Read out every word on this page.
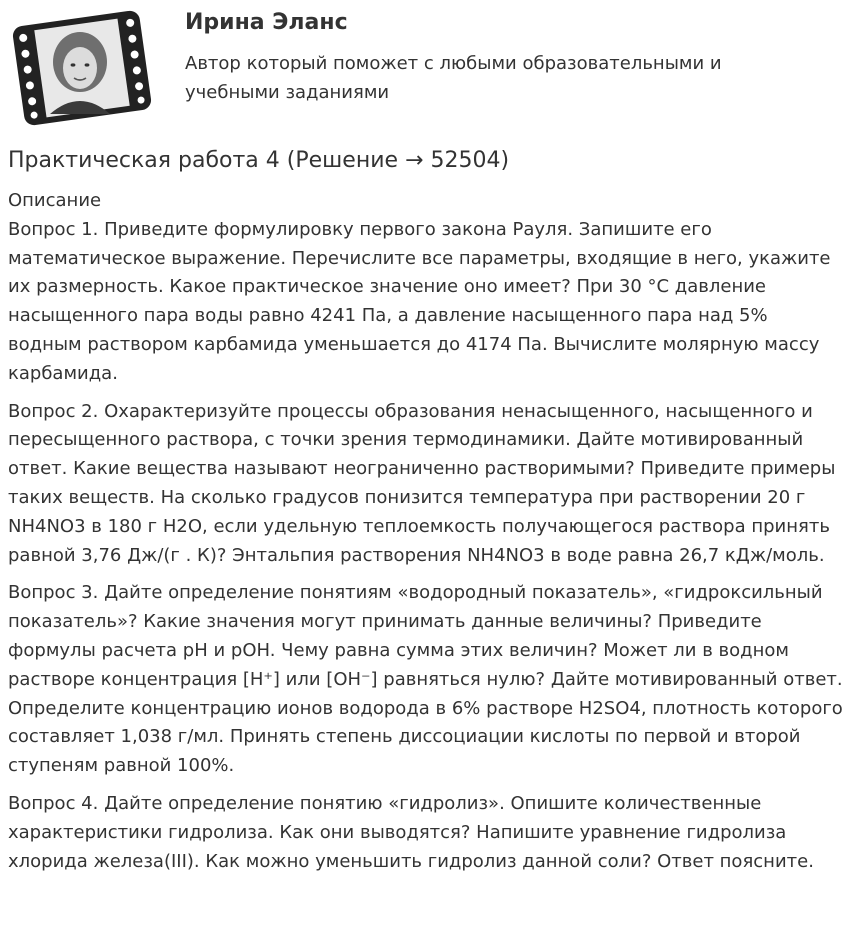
Ирина Эланс

Автор который поможет с любыми образовательными и учебными заданиями

Практическая работа 4 (Решение → 52504)

Описание

Вопрос 1. Приведите формулировку первого закона Рауля. Запишите его математическое выражение. Перечислите все параметры, входящие в него, укажите их размерность. Какое практическое значение оно имеет? При 30 °С давление насыщенного пара воды равно 4241 Па, а давление насыщенного пара над 5% водным раствором карбамида уменьшается до 4174 Па. Вычислите молярную массу карбамида.

Вопрос 2. Охарактеризуйте процессы образования ненасыщенного, насыщенного и пересыщенного раствора, с точки зрения термодинамики. Дайте мотивированный ответ. Какие вещества называют неограниченно растворимыми? Приведите примеры таких веществ. На сколько градусов понизится температура при растворении 20 г NH4NO3 в 180 г H2O, если удельную теплоемкость получающегося раствора принять равной 3,76 Дж/(г . К)? Энтальпия растворения NH4NO3 в воде равна 26,7 кДж/моль.

Вопрос 3. Дайте определение понятиям «водородный показатель», «гидроксильный показатель»? Какие значения могут принимать данные величины? Приведите формулы расчета pH и pOH. Чему равна сумма этих величин? Может ли в водном растворе концентрация [H⁺] или [OH⁻] равняться нулю? Дайте мотивированный ответ. Определите концентрацию ионов водорода в 6% растворе H2SO4, плотность которого составляет 1,038 г/мл. Принять степень диссоциации кислоты по первой и второй ступеням равной 100%.

Вопрос 4. Дайте определение понятию «гидролиз». Опишите количественные характеристики гидролиза. Как они выводятся? Напишите уравнение гидролиза хлорида железа(III). Как можно уменьшить гидролиз данной соли? Ответ поясните.
